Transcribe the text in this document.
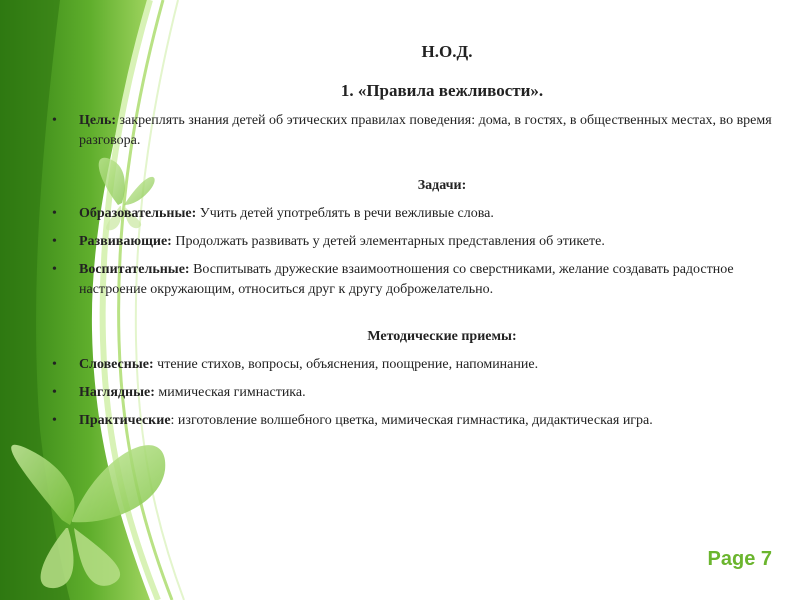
Н.О.Д.
1. «Правила вежливости».
• Цель: закреплять знания детей об этических правилах поведения: дома, в гостях, в общественных местах, во время разговора.
Задачи:
• Образовательные: Учить детей употреблять в речи вежливые слова.
• Развивающие: Продолжать развивать у детей элементарных представления об этикете.
• Воспитательные: Воспитывать дружеские взаимоотношения со сверстниками, желание создавать радостное настроение окружающим, относиться друг к другу доброжелательно.
Методические приемы:
• Словесные: чтение стихов, вопросы, объяснения, поощрение, напоминание.
• Наглядные: мимическая гимнастика.
• Практические: изготовление волшебного цветка, мимическая гимнастика, дидактическая игра.
Page 7
